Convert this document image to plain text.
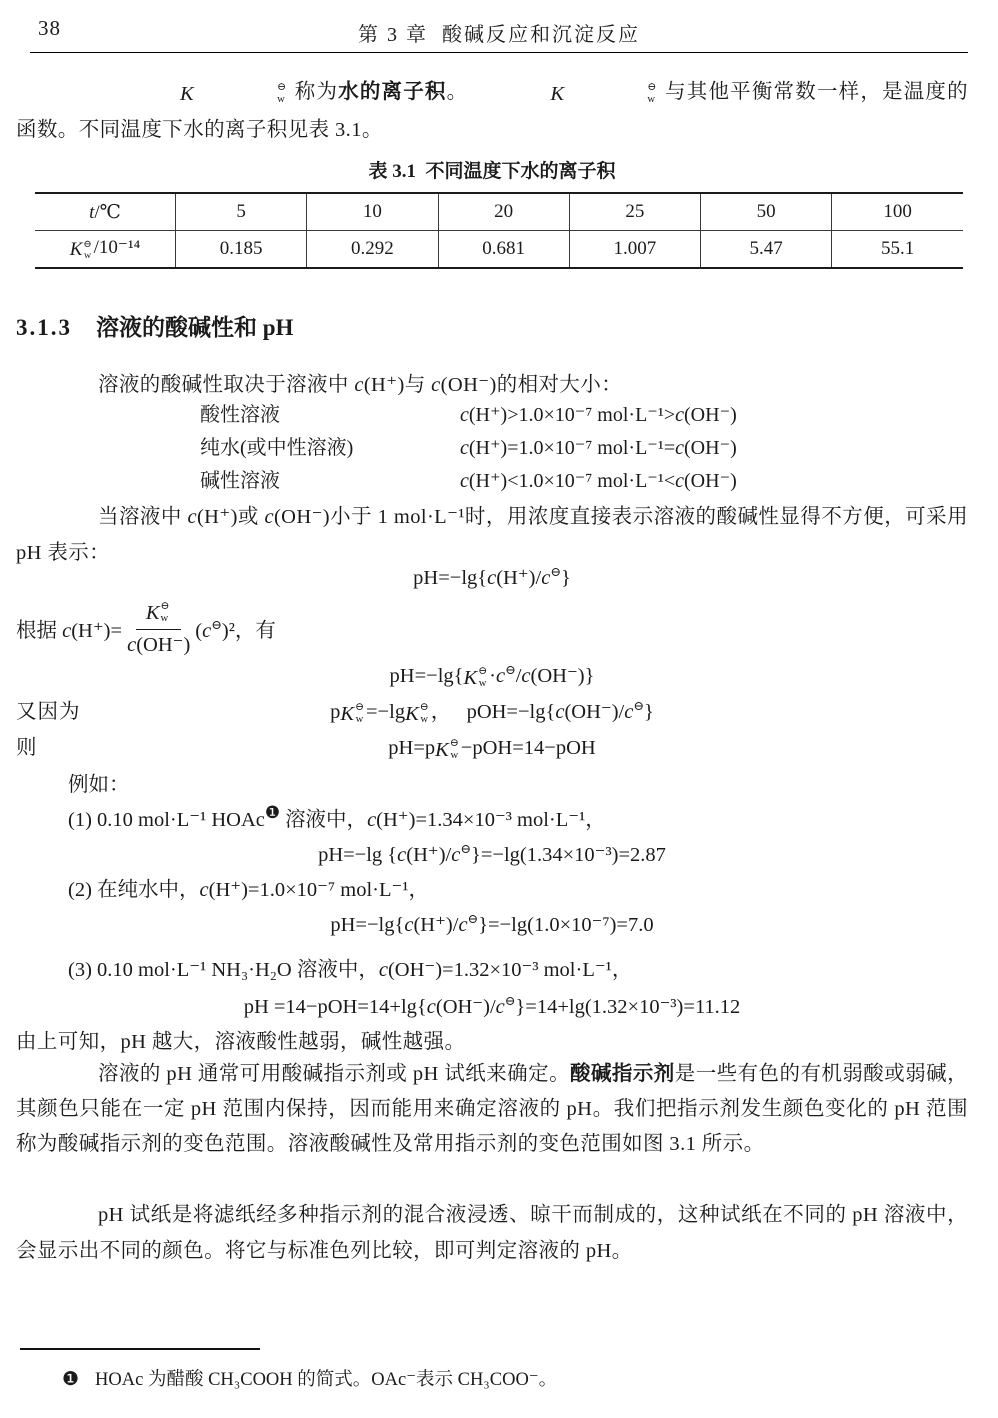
38	第 3 章  酸碱反应和沉淀反应

K	⊖
w 称为水的离子积。	K	⊖
w 与其他平衡常数一样，是温度的函数。不同温度下水的离子积见表 3.1。

表 3.1  不同温度下水的离子积
t/℃	5	10	20	25	50	100

K ⊖
w /10⁻¹⁴	0.185	0.292	0.681	1.007	5.47	55.1
3.1.3 溶液的酸碱性和 pH

溶液的酸碱性取决于溶液中 c(H⁺)与 c(OH⁻)的相对大小：

酸性溶液	c(H⁺)>1.0×10⁻⁷ mol·L⁻¹>c(OH⁻)
纯水(或中性溶液)	c(H⁺)=1.0×10⁻⁷ mol·L⁻¹=c(OH⁻)
碱性溶液	c(H⁺)<1.0×10⁻⁷ mol·L⁻¹<c(OH⁻)

当溶液中 c(H⁺)或 c(OH⁻)小于 1 mol·L⁻¹时，用浓度直接表示溶液的酸碱性显得不方便，可采用 pH 表示：

pH=−lg{c(H⁺)/c⊖}
根据 c(H⁺)= K ⊖
w
c(OH⁻) (c⊖)²，有
pH=−lg{ K ⊖
w ·c⊖/c(OH⁻)}
又因为	p K ⊖
w =−lg K ⊖
w ，   pOH=−lg{c(OH⁻)/c⊖}
则	pH=p K ⊖
w −pOH=14−pOH
例如：
(1) 0.10 mol·L⁻¹ HOAc$^❶$ 溶液中，c(H⁺)=1.34×10⁻³ mol·L⁻¹，
pH=−lg {c(H⁺)/c⊖}=−lg(1.34×10⁻³)=2.87
(2) 在纯水中，c(H⁺)=1.0×10⁻⁷ mol·L⁻¹，
pH=−lg{c(H⁺)/c⊖}=−lg(1.0×10⁻⁷)=7.0
(3) 0.10 mol·L⁻¹ NH₃·H₂O 溶液中，c(OH⁻)=1.32×10⁻³ mol·L⁻¹，
pH =14−pOH=14+lg{c(OH⁻)/c⊖}=14+lg(1.32×10⁻³)=11.12

由上可知，pH 越大，溶液酸性越弱，碱性越强。

溶液的 pH 通常可用酸碱指示剂或 pH 试纸来确定。酸碱指示剂是一些有色的有机弱酸或弱碱，其颜色只能在一定 pH 范围内保持，因而能用来确定溶液的 pH。我们把指示剂发生颜色变化的 pH 范围称为酸碱指示剂的变色范围。溶液酸碱性及常用指示剂的变色范围如图 3.1 所示。

pH 试纸是将滤纸经多种指示剂的混合液浸透、晾干而制成的，这种试纸在不同的 pH 溶液中，会显示出不同的颜色。将它与标准色列比较，即可判定溶液的 pH。

❶ HOAc 为醋酸 CH₃COOH 的简式。OAc⁻表示 CH₃COO⁻。
